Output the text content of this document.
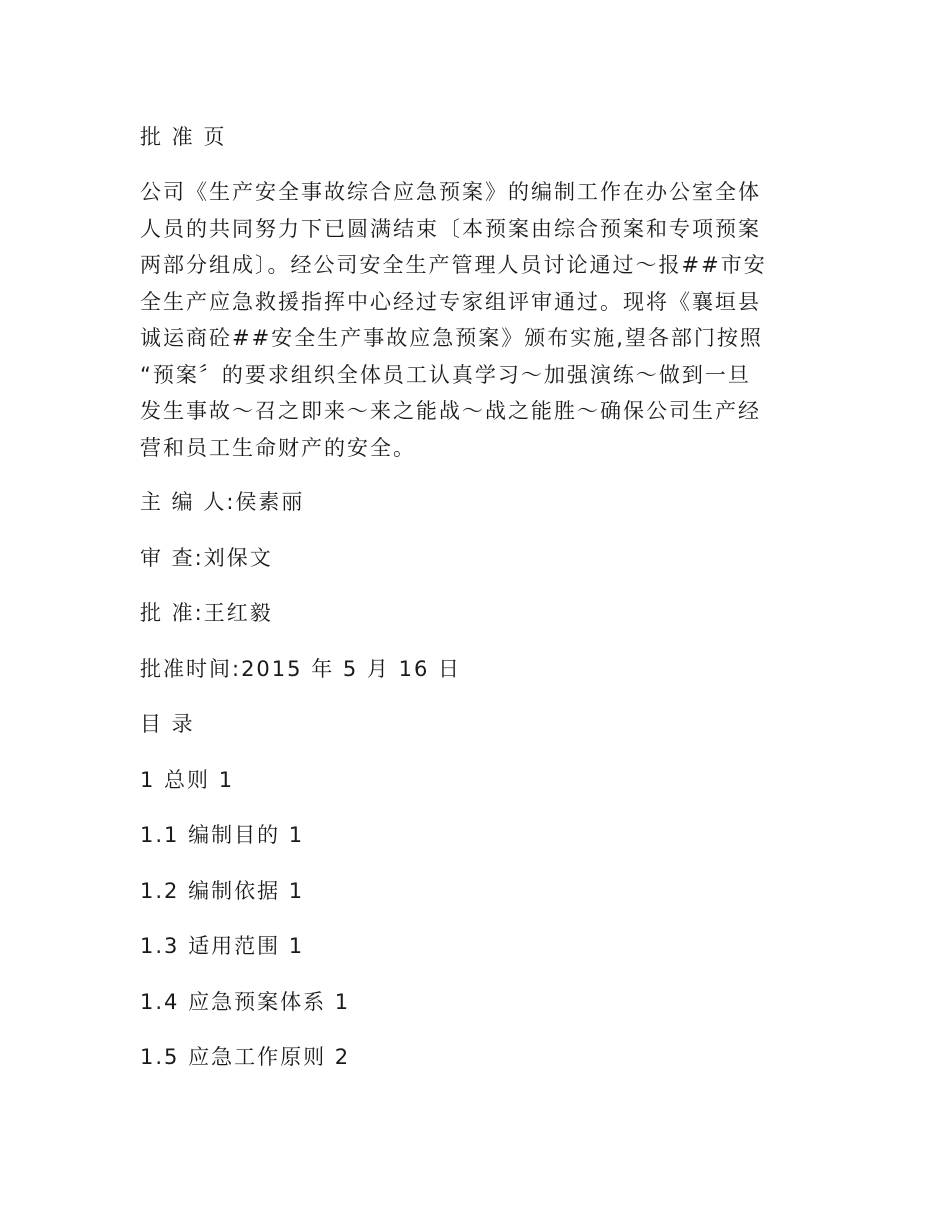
批 准 页
公司《生产安全事故综合应急预案》的编制工作在办公室全体
人员的共同努力下已圆满结束〔本预案由综合预案和专项预案
两部分组成〕。经公司安全生产管理人员讨论通过～报##市安
全生产应急救援指挥中心经过专家组评审通过。现将《襄垣县
诚运商砼##安全生产事故应急预案》颁布实施,望各部门按照
“预案〞的要求组织全体员工认真学习～加强演练～做到一旦
发生事故～召之即来～来之能战～战之能胜～确保公司生产经
营和员工生命财产的安全。
主 编 人:侯素丽
审 查:刘保文
批 准:王红毅
批准时间:2015 年 5 月 16 日
目 录
1 总则 1
1.1 编制目的 1
1.2 编制依据 1
1.3 适用范围 1
1.4 应急预案体系 1
1.5 应急工作原则 2
